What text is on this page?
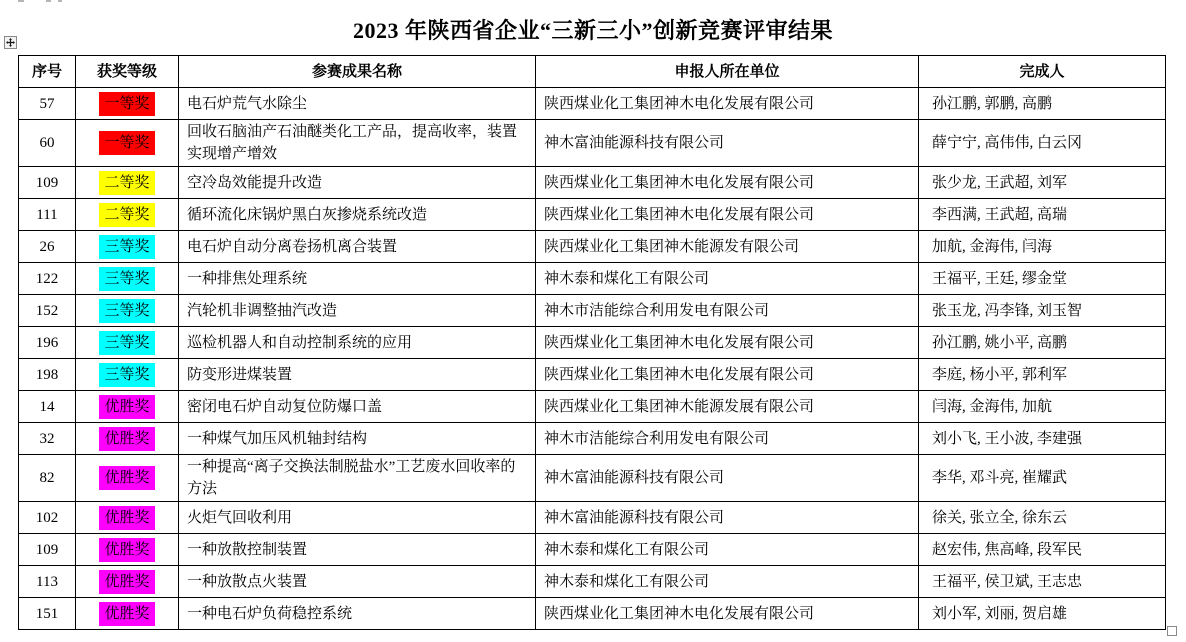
2023 年陕西省企业“三新三小”创新竞赛评审结果
序号	获奖等级	参赛成果名称	申报人所在单位	完成人
57	一等奖	电石炉荒气水除尘	陕西煤业化工集团神木电化发展有限公司	孙江鹏, 郭鹏, 高鹏
60	一等奖	回收石脑油产石油醚类化工产品，提高收率，装置实现增产增效	神木富油能源科技有限公司	薛宁宁, 高伟伟, 白云冈
109	二等奖	空冷岛效能提升改造	陕西煤业化工集团神木电化发展有限公司	张少龙, 王武超, 刘军
111	二等奖	循环流化床锅炉黑白灰掺烧系统改造	陕西煤业化工集团神木电化发展有限公司	李西满, 王武超, 高瑞
26	三等奖	电石炉自动分离卷扬机离合装置	陕西煤业化工集团神木能源发有限公司	加航, 金海伟, 闫海
122	三等奖	一种排焦处理系统	神木泰和煤化工有限公司	王福平, 王廷, 缪金堂
152	三等奖	汽轮机非调整抽汽改造	神木市洁能综合利用发电有限公司	张玉龙, 冯李锋, 刘玉智
196	三等奖	巡检机器人和自动控制系统的应用	陕西煤业化工集团神木电化发展有限公司	孙江鹏, 姚小平, 高鹏
198	三等奖	防变形进煤装置	陕西煤业化工集团神木电化发展有限公司	李庭, 杨小平, 郭利军
14	优胜奖	密闭电石炉自动复位防爆口盖	陕西煤业化工集团神木能源发展有限公司	闫海, 金海伟, 加航
32	优胜奖	一种煤气加压风机轴封结构	神木市洁能综合利用发电有限公司	刘小飞, 王小波, 李建强
82	优胜奖	一种提高“离子交换法制脱盐水”工艺废水回收率的方法	神木富油能源科技有限公司	李华, 邓斗亮, 崔耀武
102	优胜奖	火炬气回收利用	神木富油能源科技有限公司	徐关, 张立全, 徐东云
109	优胜奖	一种放散控制装置	神木泰和煤化工有限公司	赵宏伟, 焦高峰, 段军民
113	优胜奖	一种放散点火装置	神木泰和煤化工有限公司	王福平, 侯卫斌, 王志忠
151	优胜奖	一种电石炉负荷稳控系统	陕西煤业化工集团神木电化发展有限公司	刘小军, 刘丽, 贺启雄
